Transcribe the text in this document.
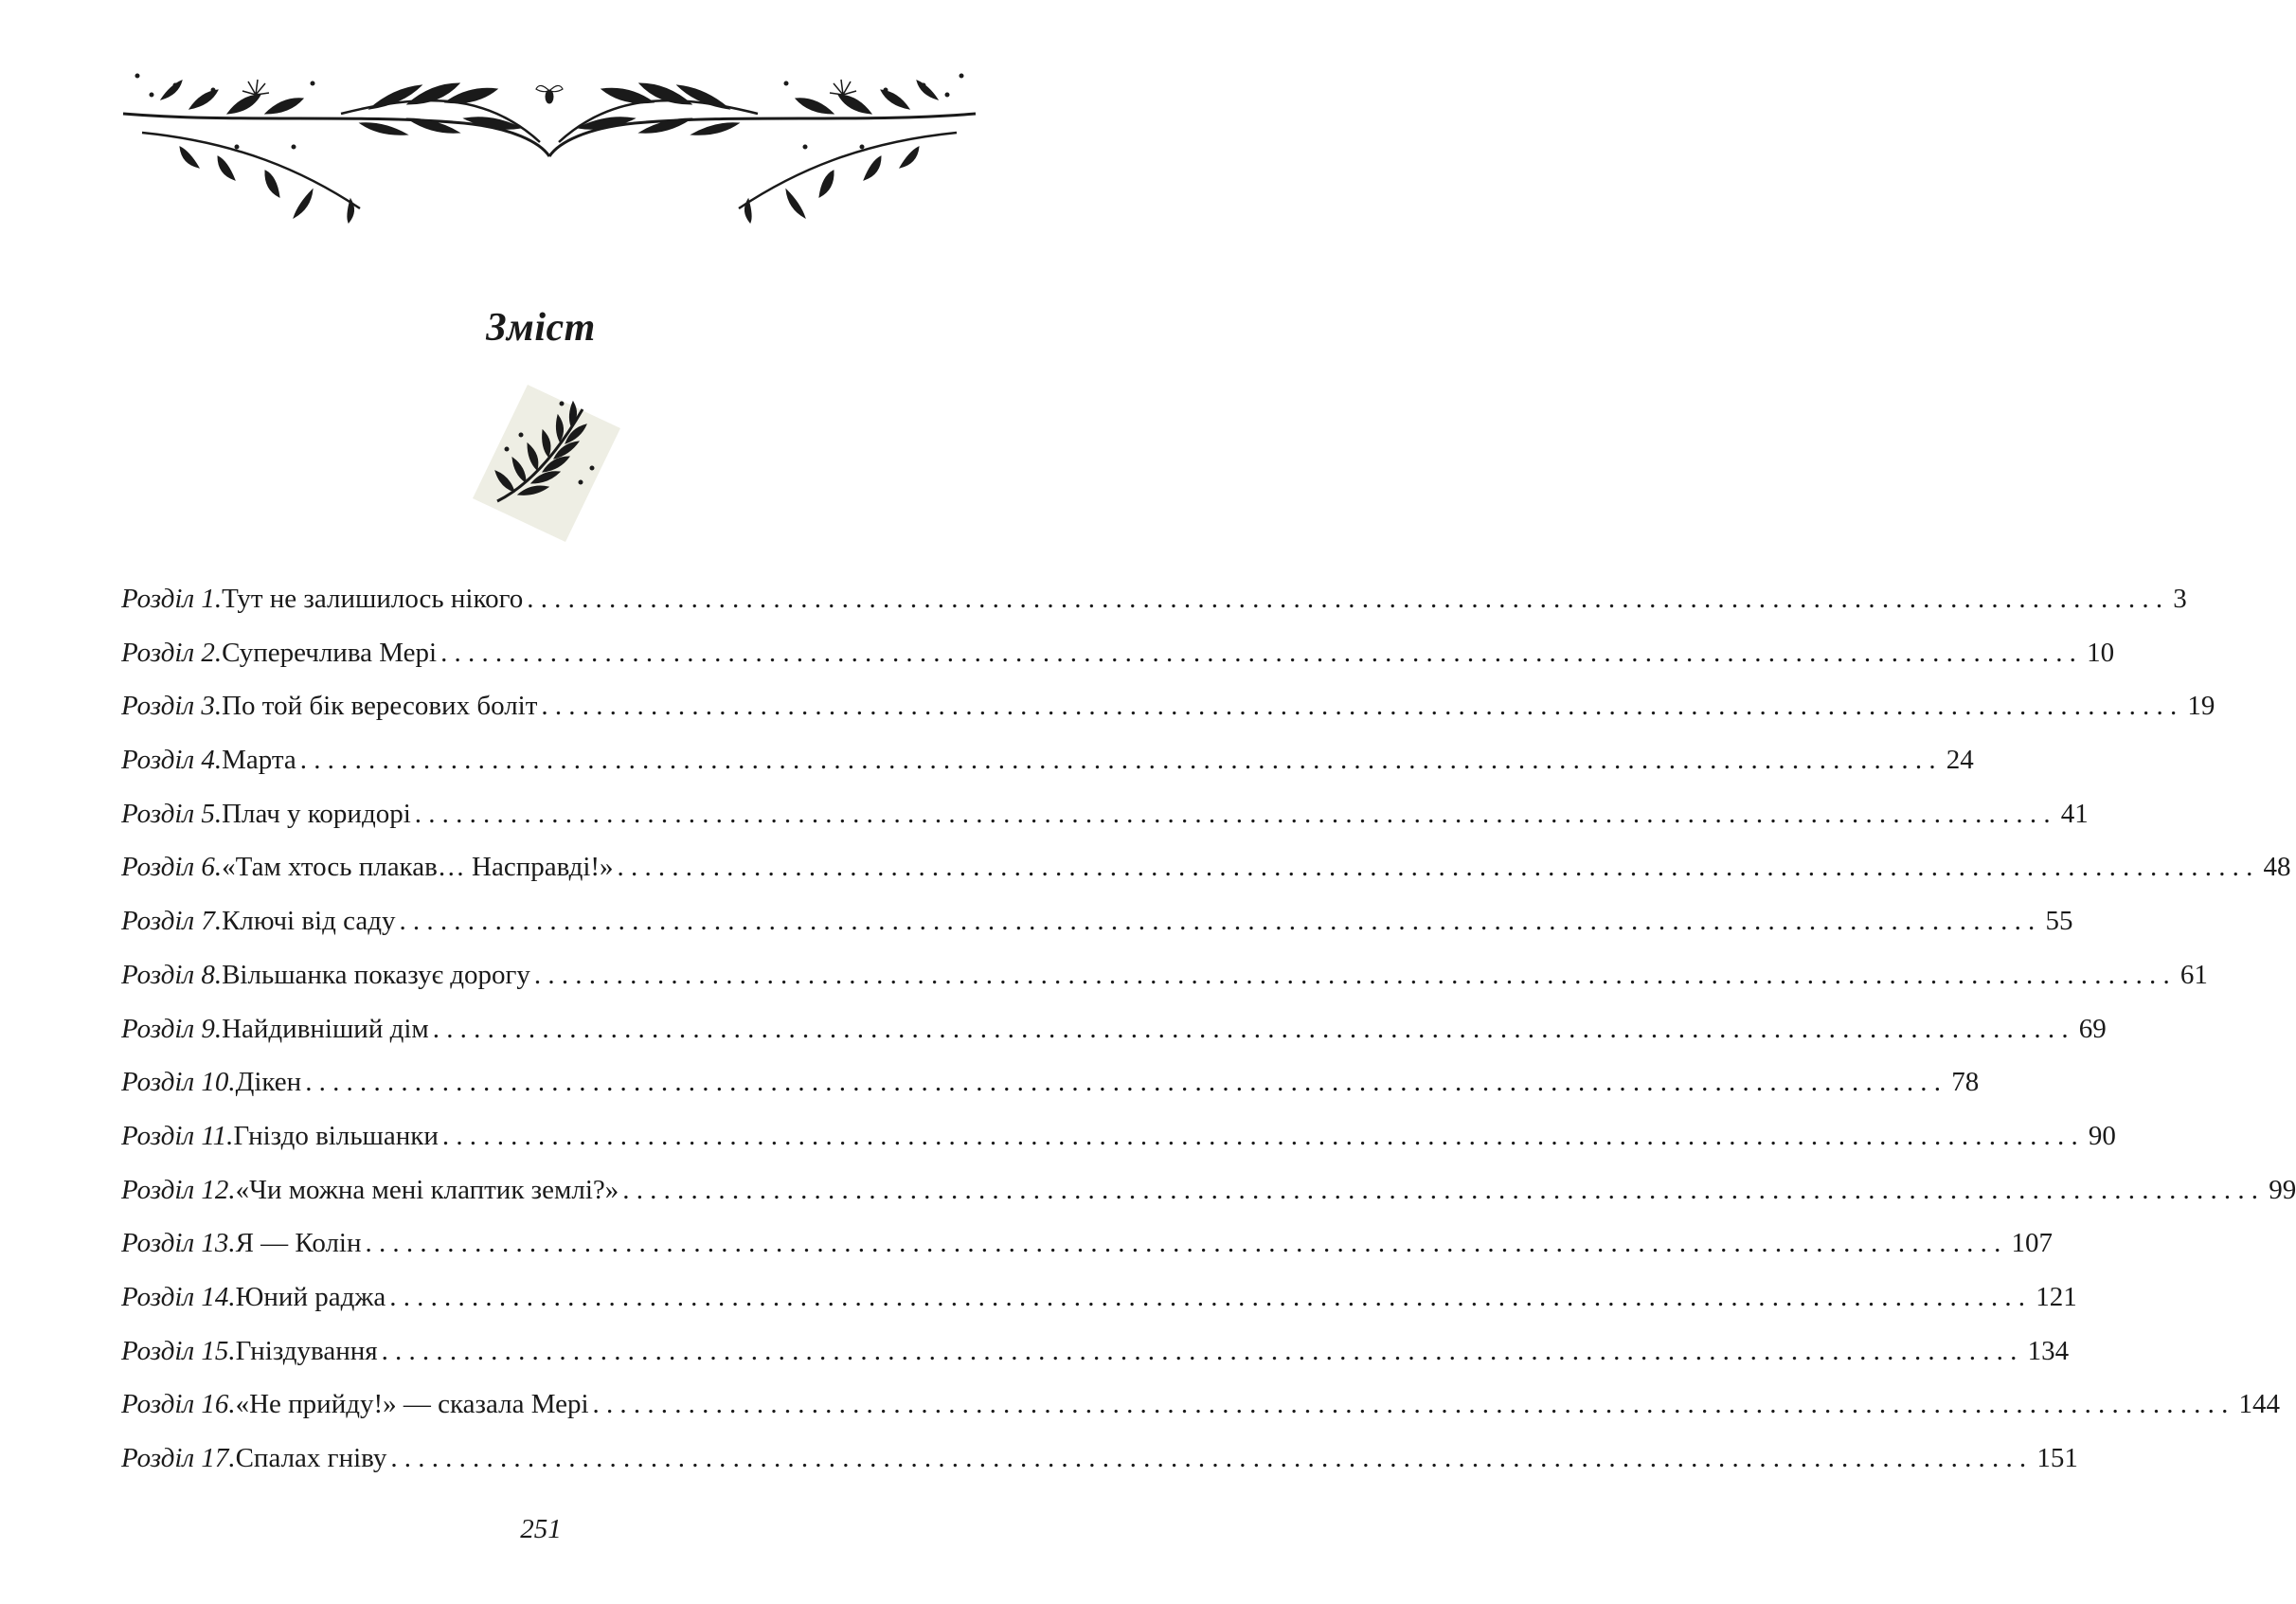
Зміст
Розділ 1. Тут не залишилось нікого ........................................................................................................................ 3
Розділ 2. Суперечлива Мері ........................................................................................................................ 10
Розділ 3. По той бік вересових боліт ........................................................................................................................ 19
Розділ 4. Марта ........................................................................................................................ 24
Розділ 5. Плач у коридорі ........................................................................................................................ 41
Розділ 6. «Там хтось плакав… Насправді!» ........................................................................................................................ 48
Розділ 7. Ключі від саду ........................................................................................................................ 55
Розділ 8. Вільшанка показує дорогу ........................................................................................................................ 61
Розділ 9. Найдивніший дім ........................................................................................................................ 69
Розділ 10. Дікен ........................................................................................................................ 78
Розділ 11. Гніздо вільшанки ........................................................................................................................ 90
Розділ 12. «Чи можна мені клаптик землі?» ........................................................................................................................ 99
Розділ 13. Я — Колін ........................................................................................................................ 107
Розділ 14. Юний раджа ........................................................................................................................ 121
Розділ 15. Гніздування ........................................................................................................................ 134
Розділ 16. «Не прийду!» — сказала Мері ........................................................................................................................ 144
Розділ 17. Спалах гніву ........................................................................................................................ 151
251
